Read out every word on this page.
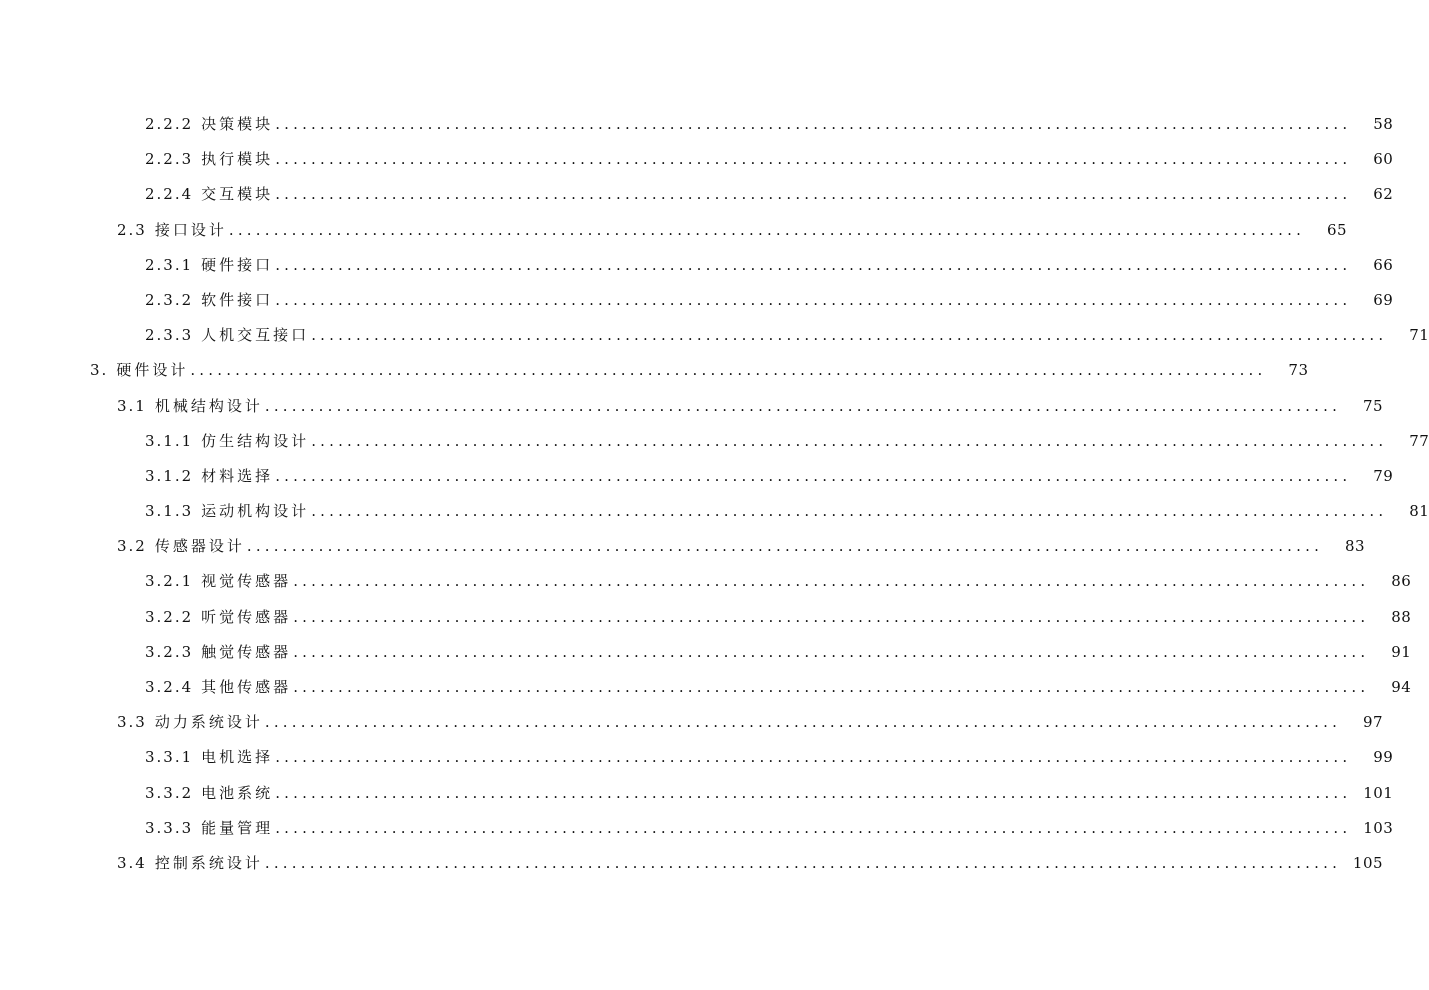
2.2.2 决策模块 ........................................................................................................................	58
2.2.3 执行模块 ........................................................................................................................	60
2.2.4 交互模块 ........................................................................................................................	62
2.3 接口设计 ........................................................................................................................	65
2.3.1 硬件接口 ........................................................................................................................	66
2.3.2 软件接口 ........................................................................................................................	69
2.3.3 人机交互接口 ........................................................................................................................	71
3. 硬件设计 ........................................................................................................................	73
3.1 机械结构设计 ........................................................................................................................	75
3.1.1 仿生结构设计 ........................................................................................................................	77
3.1.2 材料选择 ........................................................................................................................	79
3.1.3 运动机构设计 ........................................................................................................................	81
3.2 传感器设计 ........................................................................................................................	83
3.2.1 视觉传感器 ........................................................................................................................	86
3.2.2 听觉传感器 ........................................................................................................................	88
3.2.3 触觉传感器 ........................................................................................................................	91
3.2.4 其他传感器 ........................................................................................................................	94
3.3 动力系统设计 ........................................................................................................................	97
3.3.1 电机选择 ........................................................................................................................	99
3.3.2 电池系统 ........................................................................................................................ 101
3.3.3 能量管理 ........................................................................................................................ 103
3.4 控制系统设计 ........................................................................................................................ 105
